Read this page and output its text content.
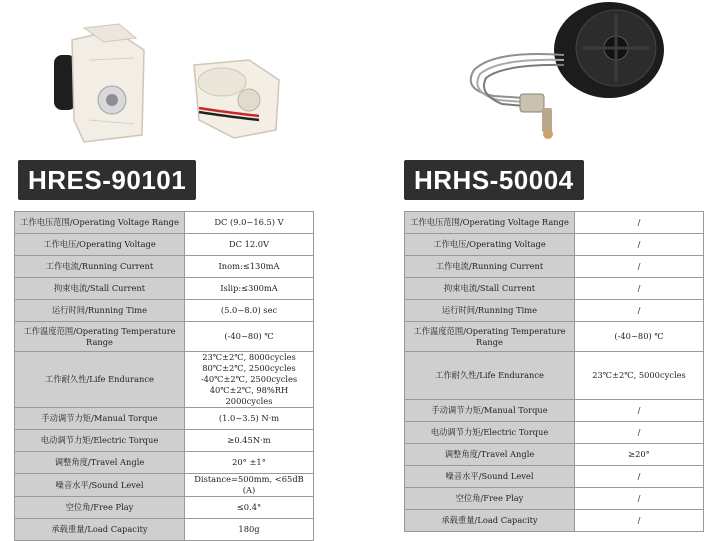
HRES-90101
工作电压范围/Operating Voltage Range	DC (9.0~16.5) V
工作电压/Operating Voltage	DC 12.0V
工作电流/Running Current	Inom:≤130mA
拘束电流/Stall Current	Islip:≤300mA
运行时间/Running Time	(5.0~8.0) sec
工作温度范围/Operating Temperature Range	(-40~80) ℃
工作耐久性/Life Endurance	23℃±2℃, 8000cycles
80℃±2℃, 2500cycles
-40℃±2℃, 2500cycles
40℃±2℃, 98%RH 2000cycles

手动调节力矩/Manual Torque	(1.0~3.5) N·m
电动调节力矩/Electric Torque	≥0.45N·m
调整角度/Travel Angle	20° ±1°
噪音水平/Sound Level	Distance=500mm, <65dB (A)
空位角/Free Play	≤0.4°
承载重量/Load Capacity	180g
HRHS-50004
工作电压范围/Operating Voltage Range	/
工作电压/Operating Voltage	/
工作电流/Running Current	/
拘束电流/Stall Current	/
运行时间/Running Time	/
工作温度范围/Operating Temperature Range	(-40~80) ℃
工作耐久性/Life Endurance	23℃±2℃, 5000cycles
手动调节力矩/Manual Torque	/
电动调节力矩/Electric Torque	/
调整角度/Travel Angle	≥20°
噪音水平/Sound Level	/
空位角/Free Play	/
承载重量/Load Capacity	/
